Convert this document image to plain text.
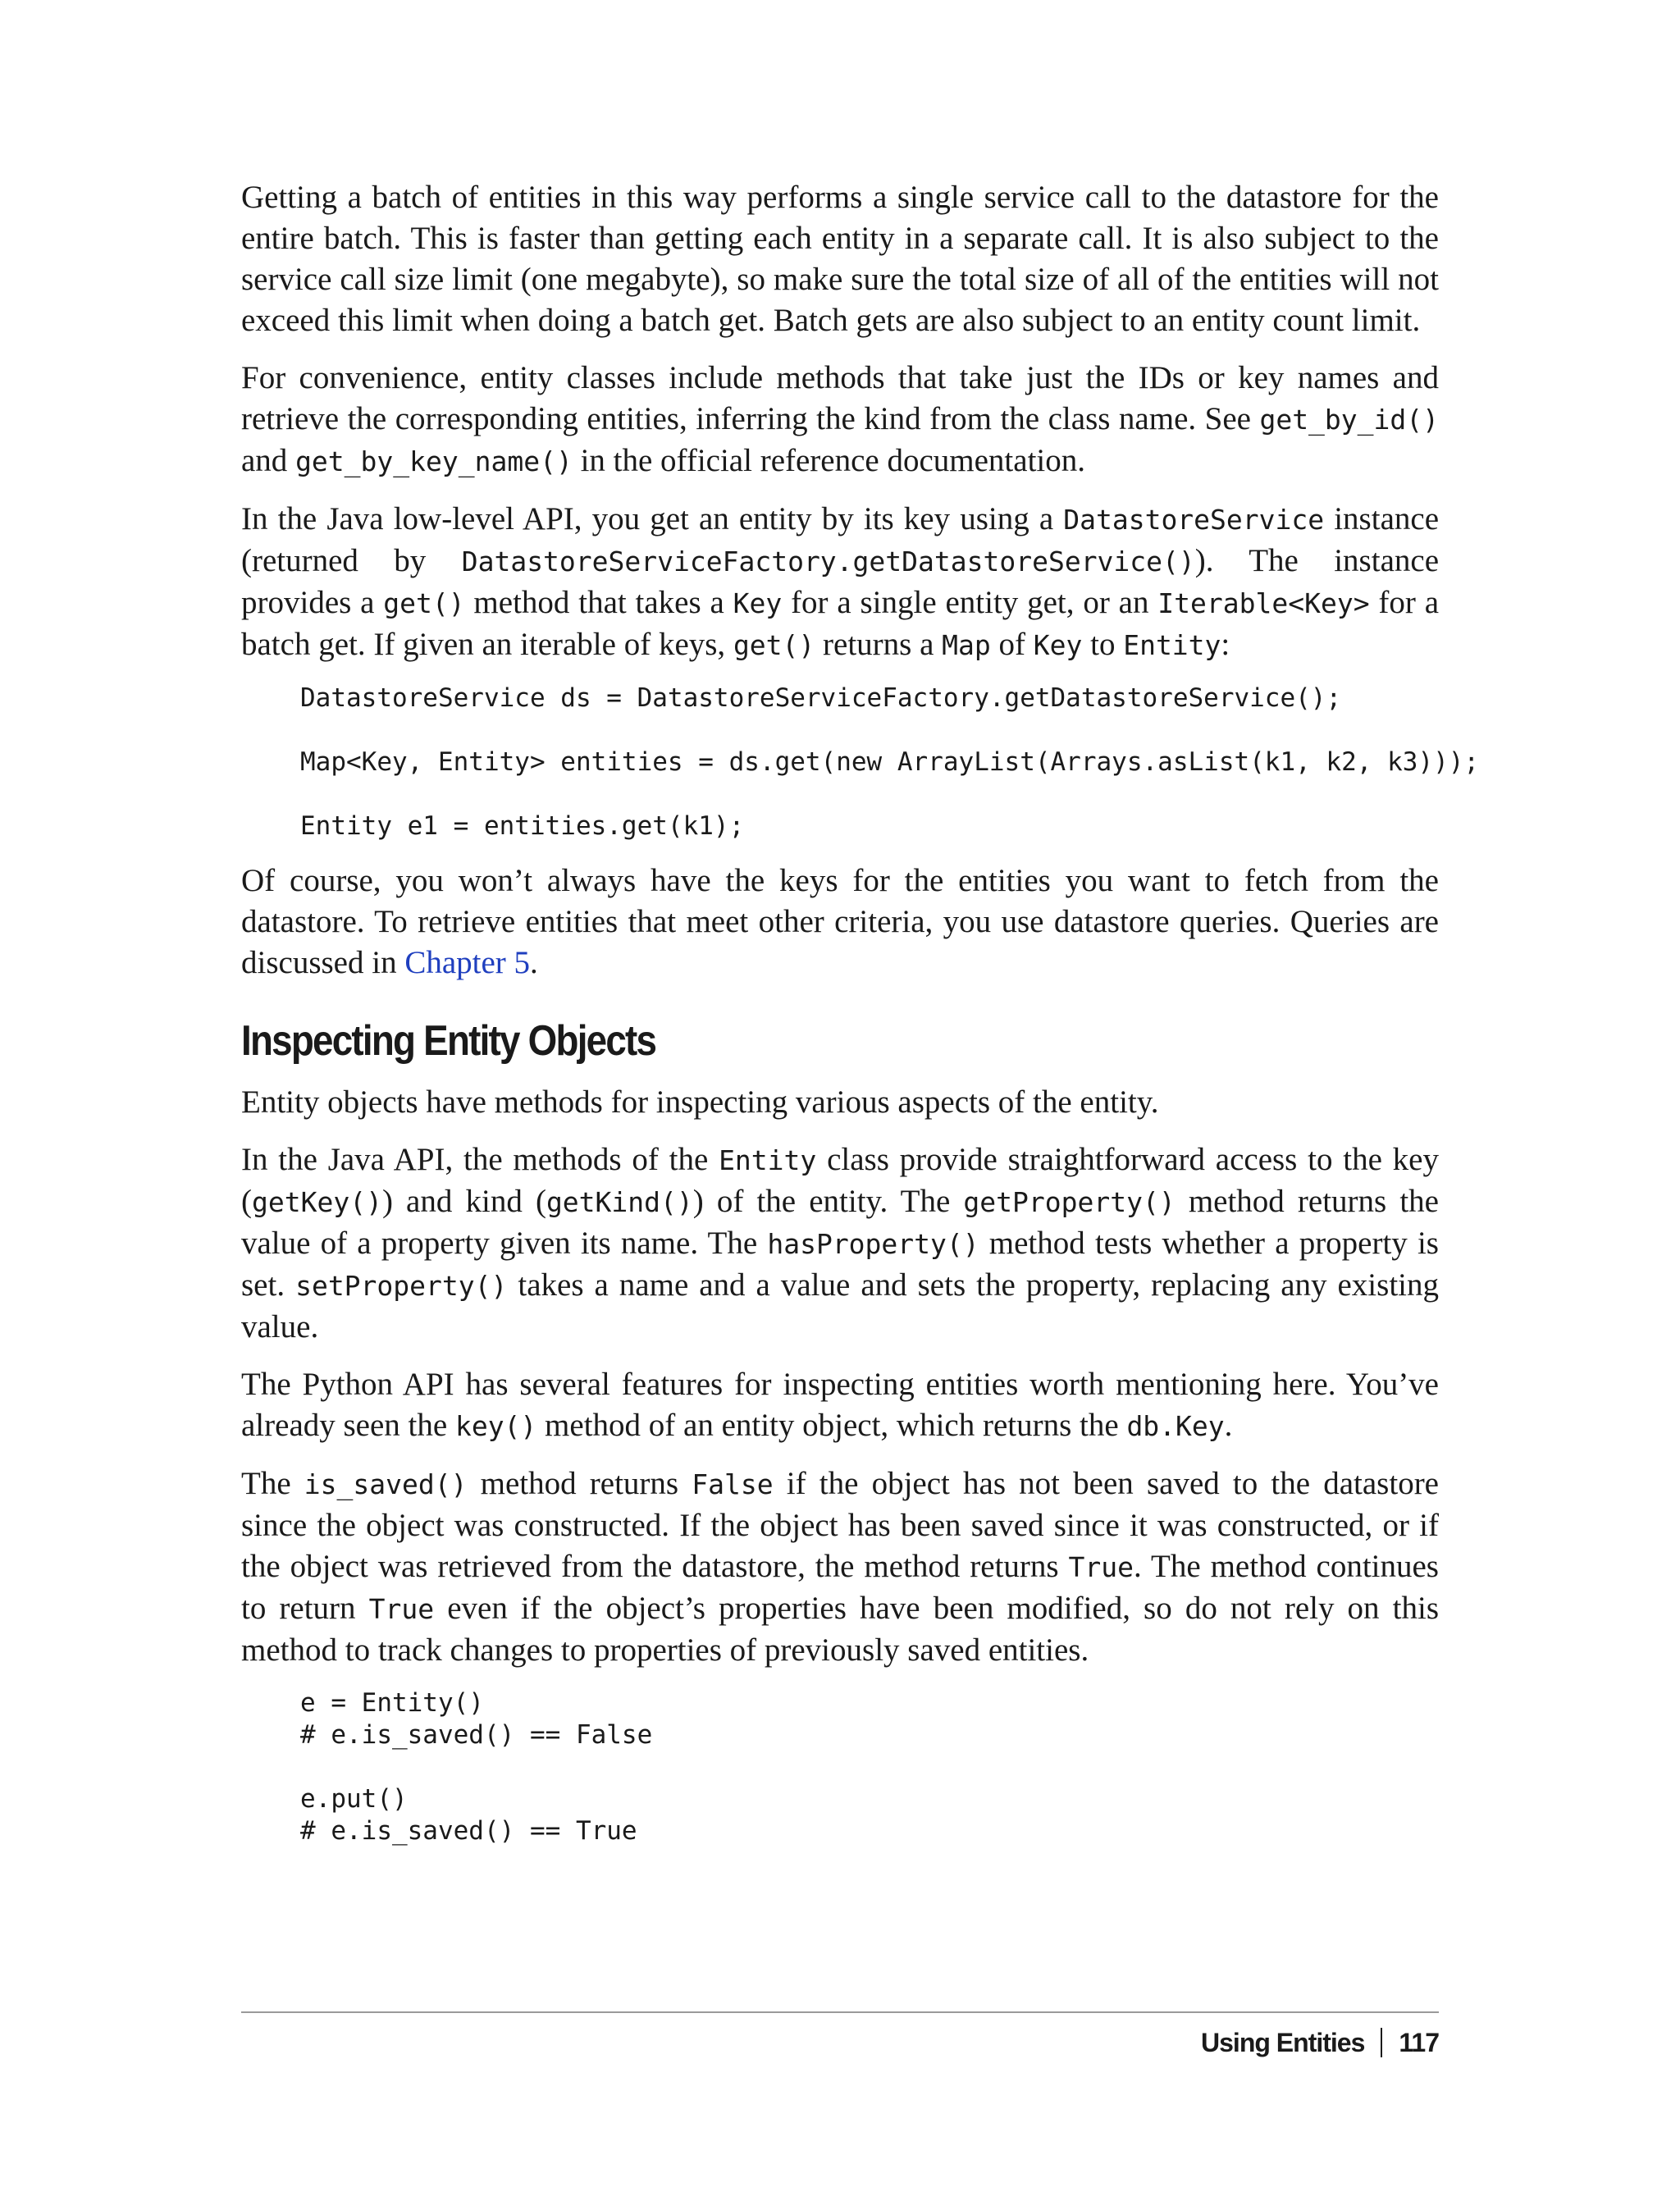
Getting a batch of entities in this way performs a single service call to the datastore for the entire batch. This is faster than getting each entity in a separate call. It is also subject to the service call size limit (one megabyte), so make sure the total size of all of the entities will not exceed this limit when doing a batch get. Batch gets are also subject to an entity count limit.

For convenience, entity classes include methods that take just the IDs or key names and retrieve the corresponding entities, inferring the kind from the class name. See get_by_id() and get_by_key_name() in the official reference documentation.

In the Java low-level API, you get an entity by its key using a DatastoreService instance (returned by DatastoreServiceFactory.getDatastoreService()). The instance provides a get() method that takes a Key for a single entity get, or an Iterable<Key> for a batch get. If given an iterable of keys, get() returns a Map of Key to Entity:

DatastoreService ds = DatastoreServiceFactory.getDatastoreService();

Map<Key, Entity> entities = ds.get(new ArrayList(Arrays.asList(k1, k2, k3)));

Entity e1 = entities.get(k1);

Of course, you won’t always have the keys for the entities you want to fetch from the datastore. To retrieve entities that meet other criteria, you use datastore queries. Queries are discussed in Chapter 5.

Inspecting Entity Objects

Entity objects have methods for inspecting various aspects of the entity.

In the Java API, the methods of the Entity class provide straightforward access to the key (getKey()) and kind (getKind()) of the entity. The getProperty() method returns the value of a property given its name. The hasProperty() method tests whether a property is set. setProperty() takes a name and a value and sets the property, replacing any existing value.

The Python API has several features for inspecting entities worth mentioning here. You’ve already seen the key() method of an entity object, which returns the db.Key.

The is_saved() method returns False if the object has not been saved to the datastore since the object was constructed. If the object has been saved since it was constructed, or if the object was retrieved from the datastore, the method returns True. The method continues to return True even if the object’s properties have been modified, so do not rely on this method to track changes to properties of previously saved entities.

e = Entity()
# e.is_saved() == False

e.put()
# e.is_saved() == True
Using Entities 117
